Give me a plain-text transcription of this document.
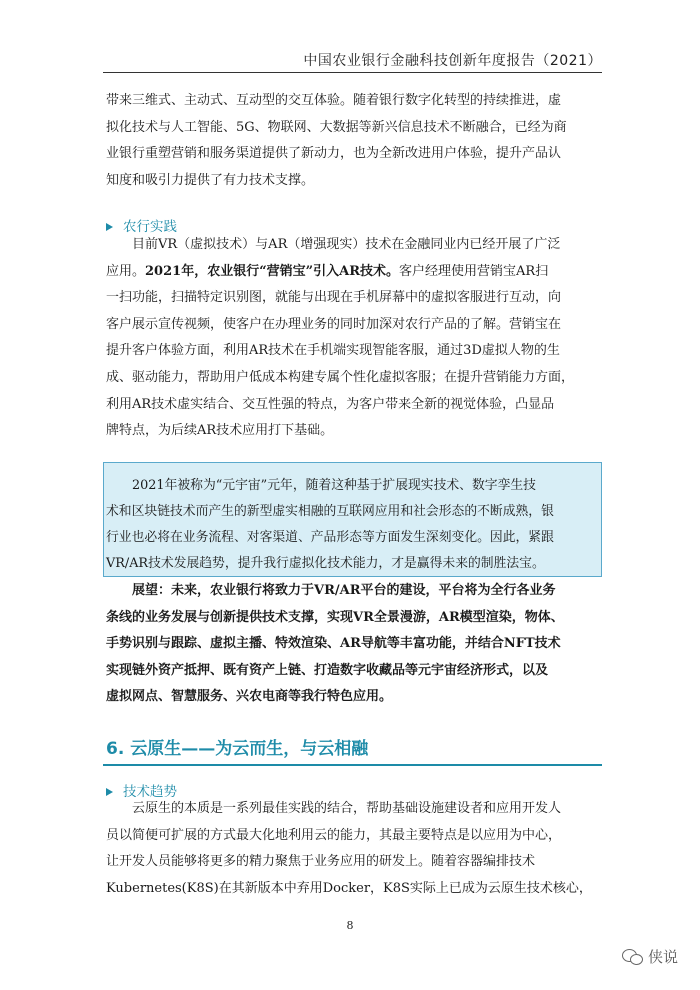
中国农业银行金融科技创新年度报告（2021）
带来三维式、主动式、互动型的交互体验。随着银行数字化转型的持续推进，虚
拟化技术与人工智能、5G、物联网、大数据等新兴信息技术不断融合，已经为商
业银行重塑营销和服务渠道提供了新动力，也为全新改进用户体验，提升产品认
知度和吸引力提供了有力技术支撑。
农行实践
目前VR（虚拟技术）与AR（增强现实）技术在金融同业内已经开展了广泛
应用。2021年，农业银行“营销宝”引入AR技术。客户经理使用营销宝AR扫
一扫功能，扫描特定识别图，就能与出现在手机屏幕中的虚拟客服进行互动，向
客户展示宣传视频，使客户在办理业务的同时加深对农行产品的了解。营销宝在
提升客户体验方面，利用AR技术在手机端实现智能客服，通过3D虚拟人物的生
成、驱动能力，帮助用户低成本构建专属个性化虚拟客服；在提升营销能力方面，
利用AR技术虚实结合、交互性强的特点，为客户带来全新的视觉体验，凸显品
牌特点，为后续AR技术应用打下基础。
2021年被称为“元宇宙”元年，随着这种基于扩展现实技术、数字孪生技
术和区块链技术而产生的新型虚实相融的互联网应用和社会形态的不断成熟，银
行业也必将在业务流程、对客渠道、产品形态等方面发生深刻变化。因此，紧跟
VR/AR技术发展趋势，提升我行虚拟化技术能力，才是赢得未来的制胜法宝。
展望：未来，农业银行将致力于VR/AR平台的建设，平台将为全行各业务
条线的业务发展与创新提供技术支撑，实现VR全景漫游，AR模型渲染，物体、
手势识别与跟踪、虚拟主播、特效渲染、AR导航等丰富功能，并结合NFT技术
实现链外资产抵押、既有资产上链、打造数字收藏品等元宇宙经济形式，以及
虚拟网点、智慧服务、兴农电商等我行特色应用。
6. 云原生——为云而生，与云相融
技术趋势
云原生的本质是一系列最佳实践的结合，帮助基础设施建设者和应用开发人
员以简便可扩展的方式最大化地利用云的能力，其最主要特点是以应用为中心，
让开发人员能够将更多的精力聚焦于业务应用的研发上。随着容器编排技术
Kubernetes(K8S)在其新版本中弃用Docker，K8S实际上已成为云原生技术核心，
8
侠说
